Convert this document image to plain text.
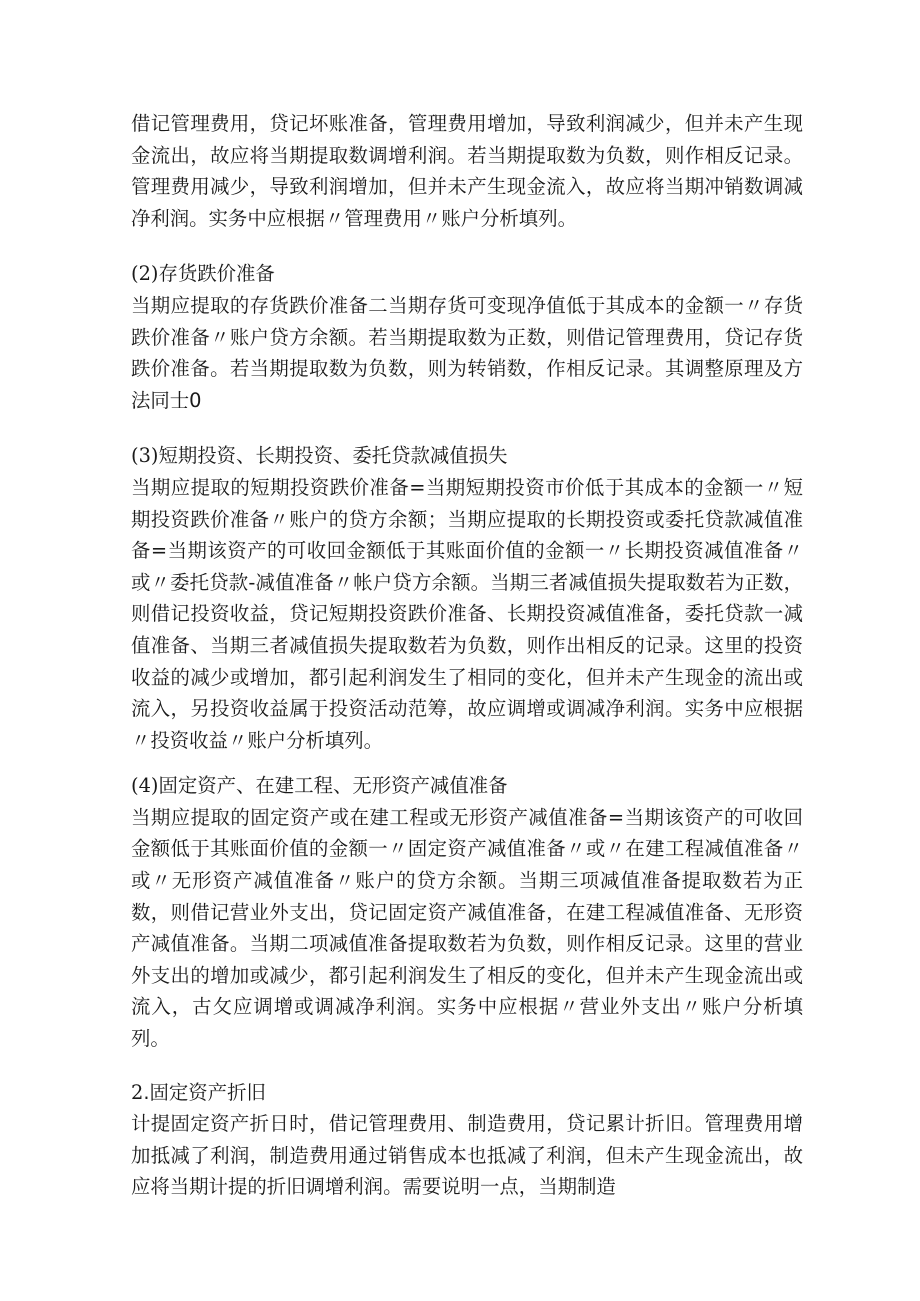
借记管理费用，贷记坏账准备，管理费用增加，导致利润减少，但并未产生现金流出，故应将当期提取数调增利润。若当期提取数为负数，则作相反记录。管理费用减少，导致利润增加，但并未产生现金流入，故应将当期冲销数调减净利润。实务中应根据〃管理费用〃账户分析填列。

(2)存货跌价准备

当期应提取的存货跌价准备二当期存货可变现净值低于其成本的金额一〃存货跌价准备〃账户贷方余额。若当期提取数为正数，则借记管理费用，贷记存货跌价准备。若当期提取数为负数，则为转销数，作相反记录。其调整原理及方法同士0

(3)短期投资、长期投资、委托贷款减值损失

当期应提取的短期投资跌价准备=当期短期投资市价低于其成本的金额一〃短期投资跌价准备〃账户的贷方余额；当期应提取的长期投资或委托贷款减值准备=当期该资产的可收回金额低于其账面价值的金额一〃长期投资减值准备〃或〃委托贷款-减值准备〃帐户贷方余额。当期三者减值损失提取数若为正数，则借记投资收益，贷记短期投资跌价准备、长期投资减值准备，委托贷款一减值准备、当期三者减值损失提取数若为负数，则作出相反的记录。这里的投资收益的减少或增加，都引起利润发生了相同的变化，但并未产生现金的流出或流入，另投资收益属于投资活动范筹，故应调增或调减净利润。实务中应根据〃投资收益〃账户分析填列。

(4)固定资产、在建工程、无形资产减值准备

当期应提取的固定资产或在建工程或无形资产减值准备=当期该资产的可收回金额低于其账面价值的金额一〃固定资产减值准备〃或〃在建工程减值准备〃或〃无形资产减值准备〃账户的贷方余额。当期三项减值准备提取数若为正数，则借记营业外支出，贷记固定资产减值准备，在建工程减值准备、无形资产减值准备。当期二项减值准备提取数若为负数，则作相反记录。这里的营业外支出的增加或减少，都引起利润发生了相反的变化，但并未产生现金流出或流入，古攵应调增或调减净利润。实务中应根据〃营业外支出〃账户分析填列。

2.固定资产折旧

计提固定资产折日时，借记管理费用、制造费用，贷记累计折旧。管理费用增加抵减了利润，制造费用通过销售成本也抵减了利润，但未产生现金流出，故应将当期计提的折旧调增利润。需要说明一点，当期制造
